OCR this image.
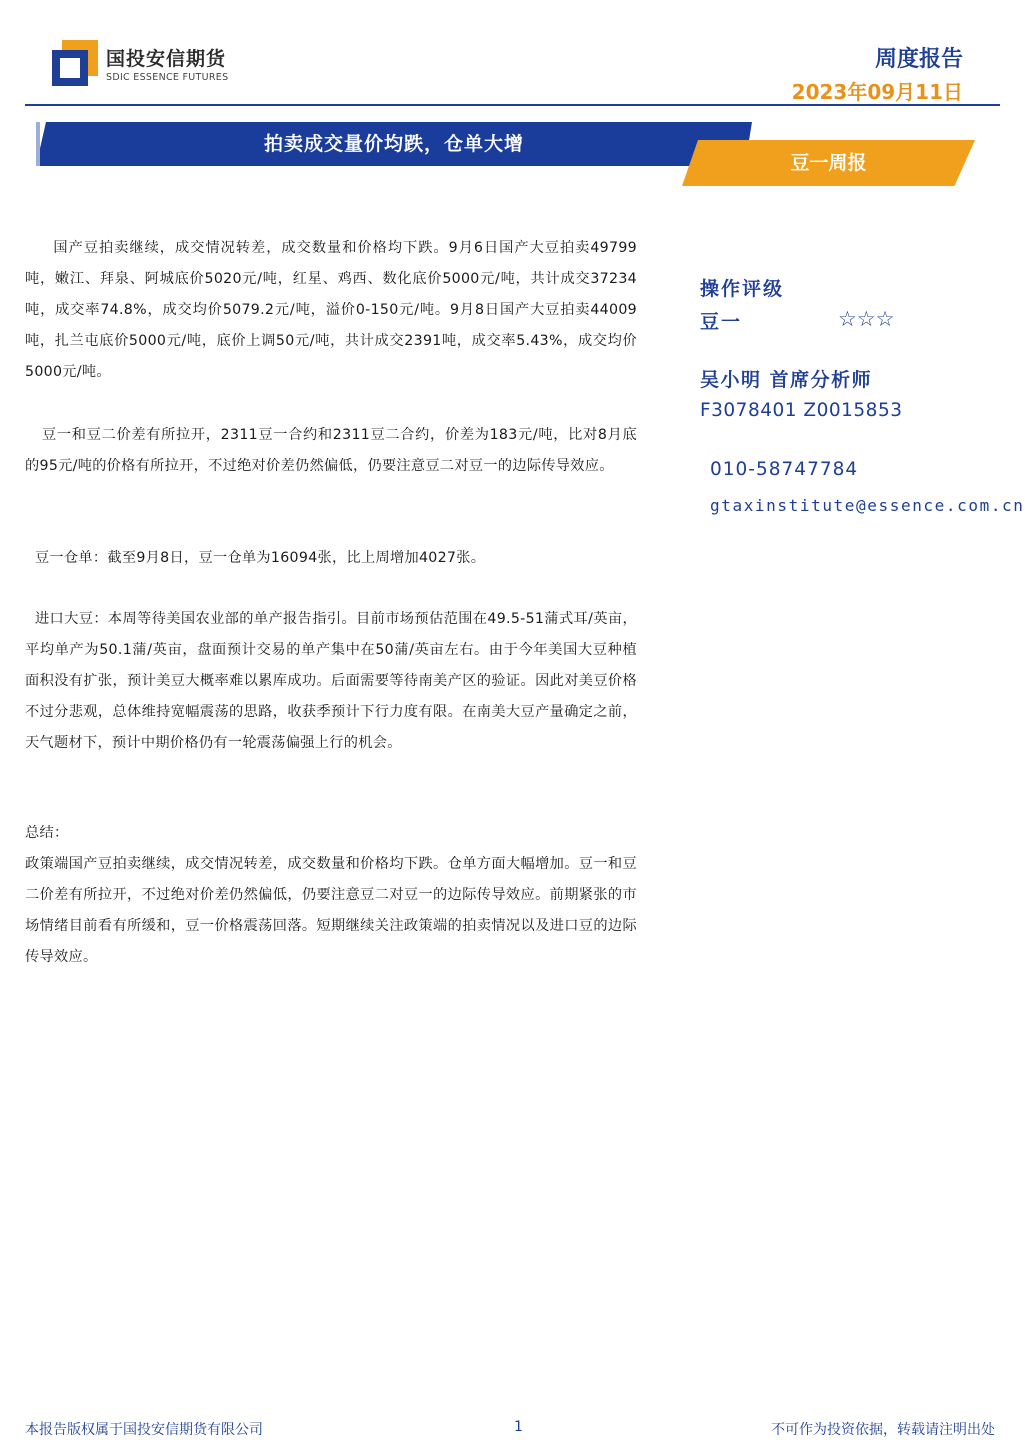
国投安信期货
SDIC ESSENCE FUTURES
周度报告
2023年09月11日
拍卖成交量价均跌，仓单大增
豆一周报

国产豆拍卖继续，成交情况转差，成交数量和价格均下跌。9月6日国产大豆拍卖49799吨，嫩江、拜泉、阿城底价5020元/吨，红星、鸡西、数化底价5000元/吨，共计成交37234吨，成交率74.8%，成交均价5079.2元/吨，溢价0-150元/吨。9月8日国产大豆拍卖44009吨，扎兰屯底价5000元/吨，底价上调50元/吨，共计成交2391吨，成交率5.43%，成交均价5000元/吨。

豆一和豆二价差有所拉开，2311豆一合约和2311豆二合约，价差为183元/吨，比对8月底的95元/吨的价格有所拉开，不过绝对价差仍然偏低，仍要注意豆二对豆一的边际传导效应。

豆一仓单：截至9月8日，豆一仓单为16094张，比上周增加4027张。

进口大豆：本周等待美国农业部的单产报告指引。目前市场预估范围在49.5-51蒲式耳/英亩，平均单产为50.1蒲/英亩，盘面预计交易的单产集中在50蒲/英亩左右。由于今年美国大豆种植面积没有扩张，预计美豆大概率难以累库成功。后面需要等待南美产区的验证。因此对美豆价格不过分悲观，总体维持宽幅震荡的思路，收获季预计下行力度有限。在南美大豆产量确定之前，天气题材下，预计中期价格仍有一轮震荡偏强上行的机会。

总结：

政策端国产豆拍卖继续，成交情况转差，成交数量和价格均下跌。仓单方面大幅增加。豆一和豆二价差有所拉开，不过绝对价差仍然偏低，仍要注意豆二对豆一的边际传导效应。前期紧张的市场情绪目前看有所缓和，豆一价格震荡回落。短期继续关注政策端的拍卖情况以及进口豆的边际传导效应。

操作评级
豆一	☆☆☆
吴小明 首席分析师
F3078401 Z0015853
010-58747784
gtaxinstitute@essence.com.cn
本报告版权属于国投安信期货有限公司	1	不可作为投资依据，转载请注明出处
